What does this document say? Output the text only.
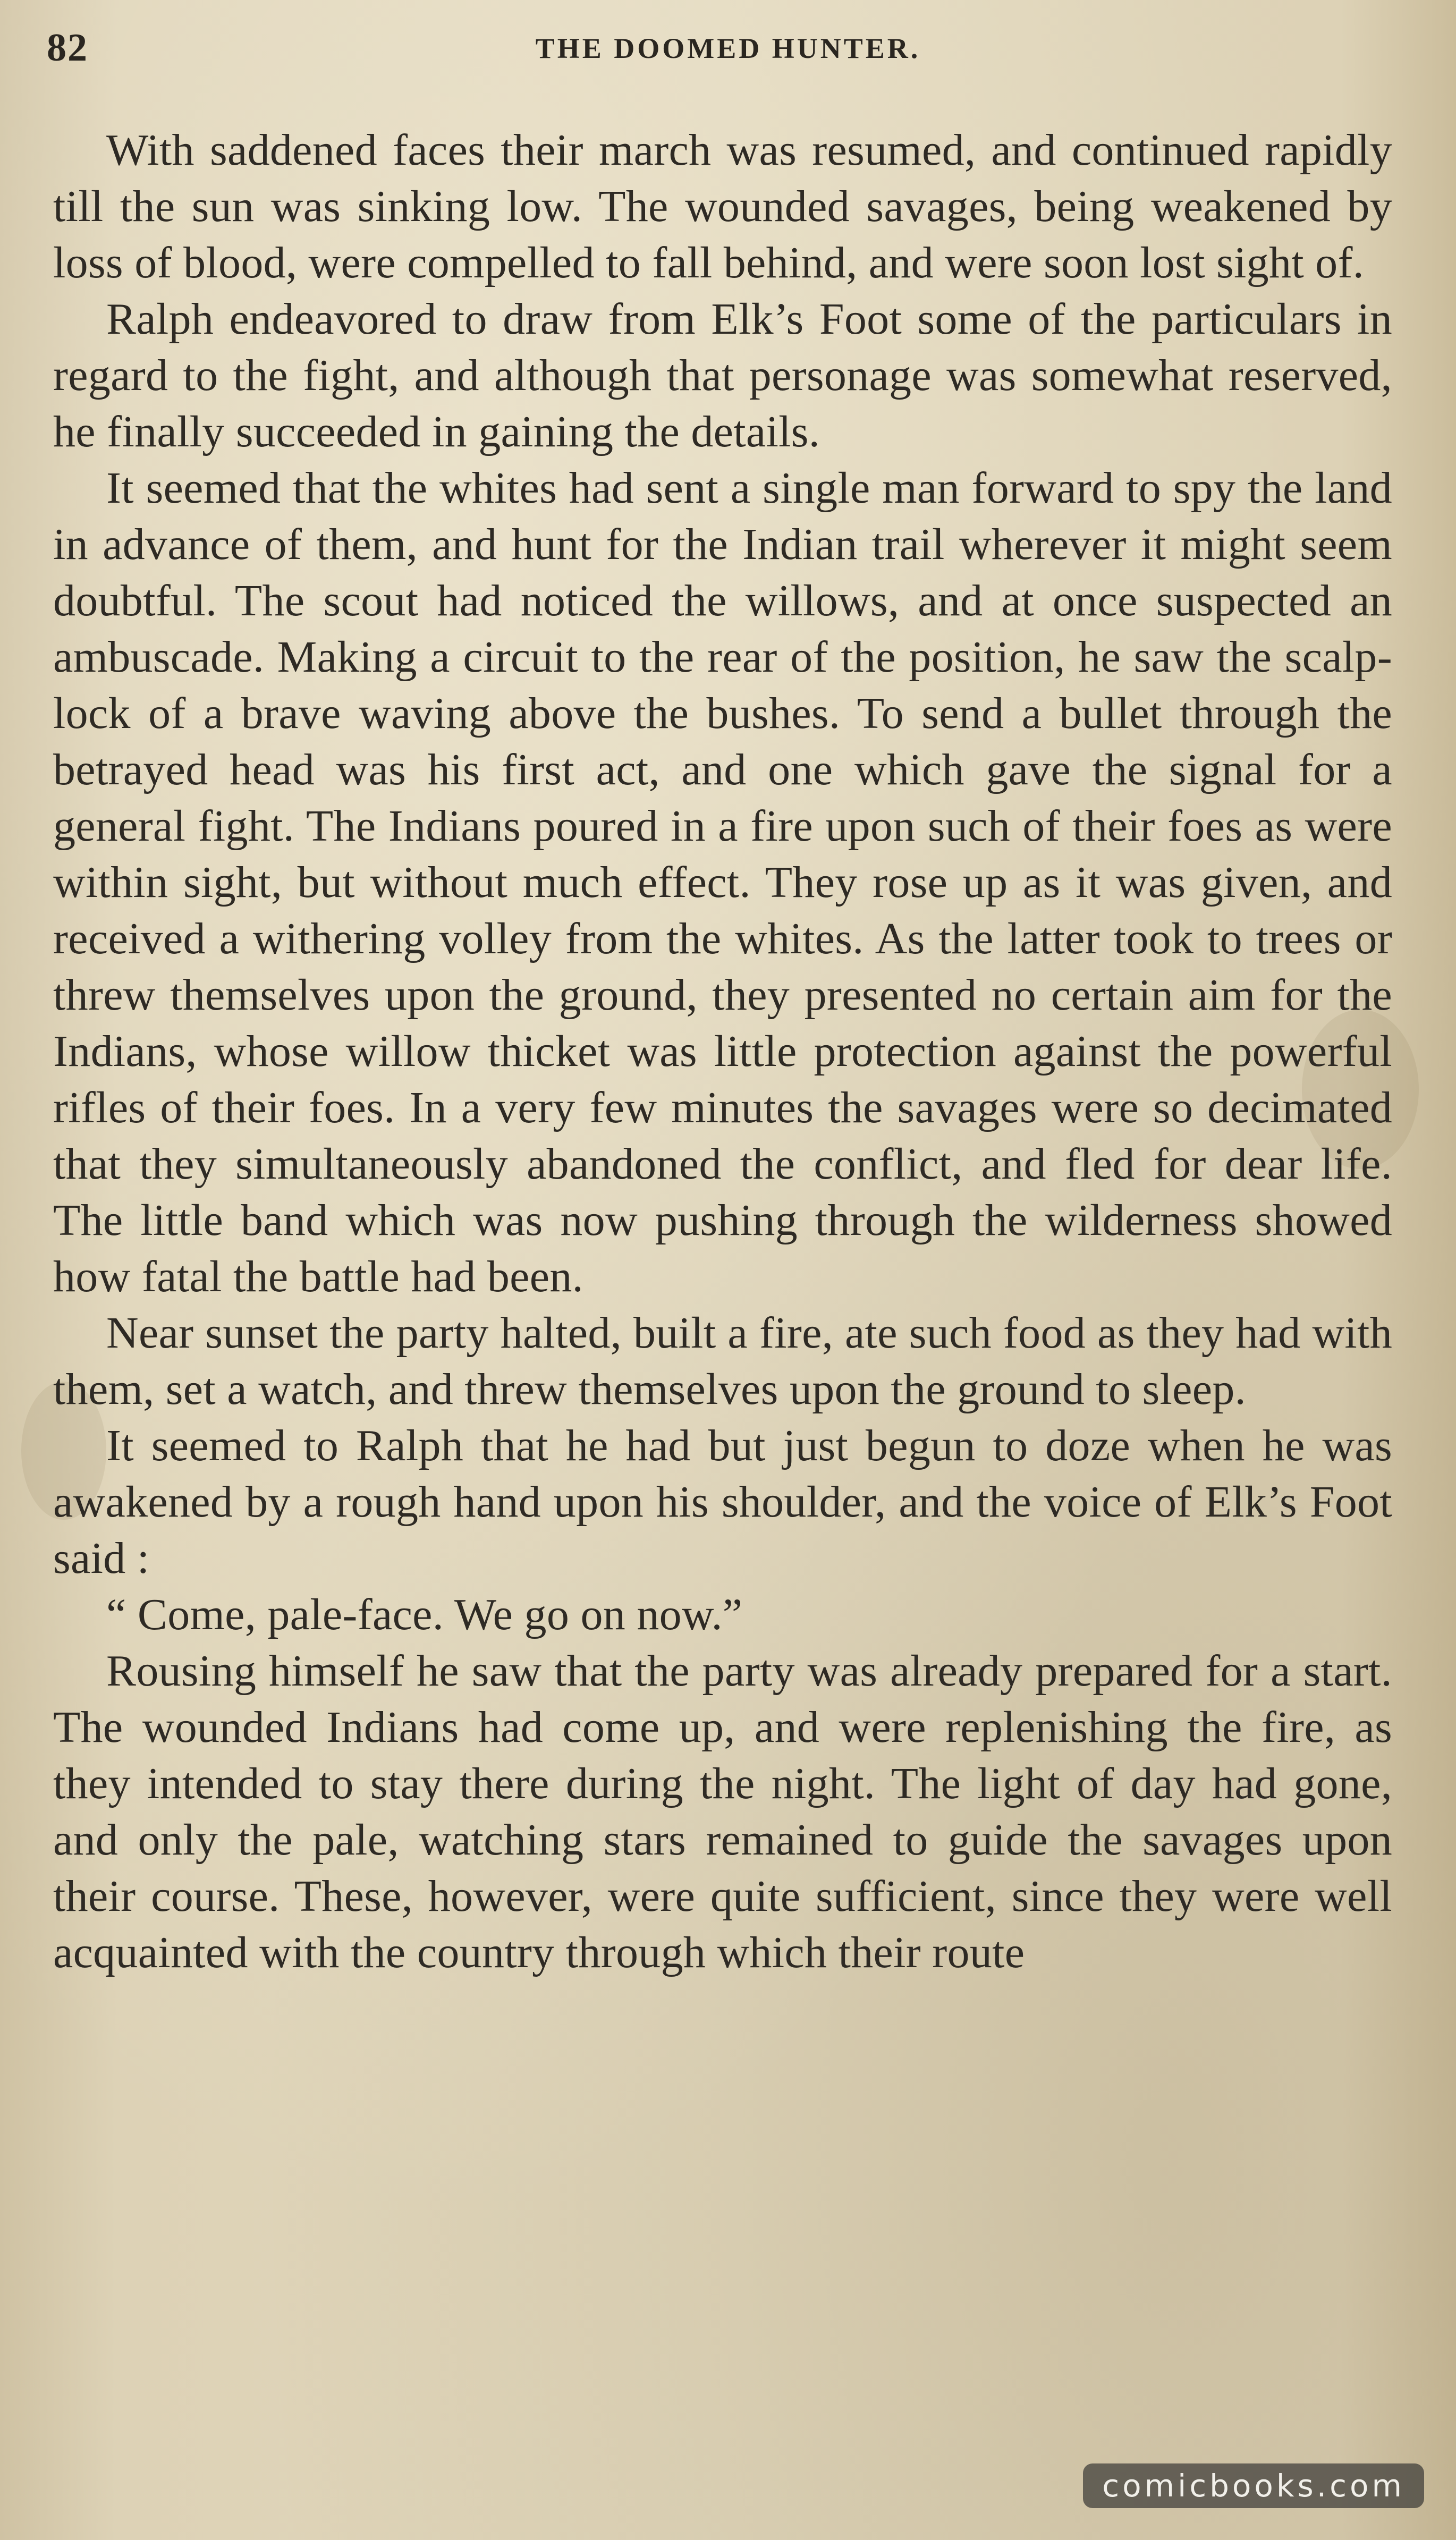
82	THE DOOMED HUNTER.

With saddened faces their march was resumed, and continued rapidly till the sun was sinking low. The wounded savages, being weakened by loss of blood, were compelled to fall behind, and were soon lost sight of.

Ralph endeavored to draw from Elk’s Foot some of the particulars in regard to the fight, and although that personage was somewhat reserved, he finally succeeded in gaining the details.

It seemed that the whites had sent a single man forward to spy the land in advance of them, and hunt for the Indian trail wherever it might seem doubtful. The scout had noticed the willows, and at once suspected an ambuscade. Making a circuit to the rear of the position, he saw the scalp-lock of a brave waving above the bushes. To send a bullet through the betrayed head was his first act, and one which gave the signal for a general fight. The Indians poured in a fire upon such of their foes as were within sight, but without much effect. They rose up as it was given, and received a withering volley from the whites. As the latter took to trees or threw themselves upon the ground, they presented no certain aim for the Indians, whose willow thicket was little protection against the powerful rifles of their foes. In a very few minutes the savages were so decimated that they simultaneously abandoned the conflict, and fled for dear life. The little band which was now pushing through the wilderness showed how fatal the battle had been.

Near sunset the party halted, built a fire, ate such food as they had with them, set a watch, and threw themselves upon the ground to sleep.

It seemed to Ralph that he had but just begun to doze when he was awakened by a rough hand upon his shoulder, and the voice of Elk’s Foot said :

“ Come, pale-face. We go on now.”

Rousing himself he saw that the party was already prepared for a start. The wounded Indians had come up, and were replenishing the fire, as they intended to stay there during the night. The light of day had gone, and only the pale, watching stars remained to guide the savages upon their course. These, however, were quite sufficient, since they were well acquainted with the country through which their route

comicbooks.com
